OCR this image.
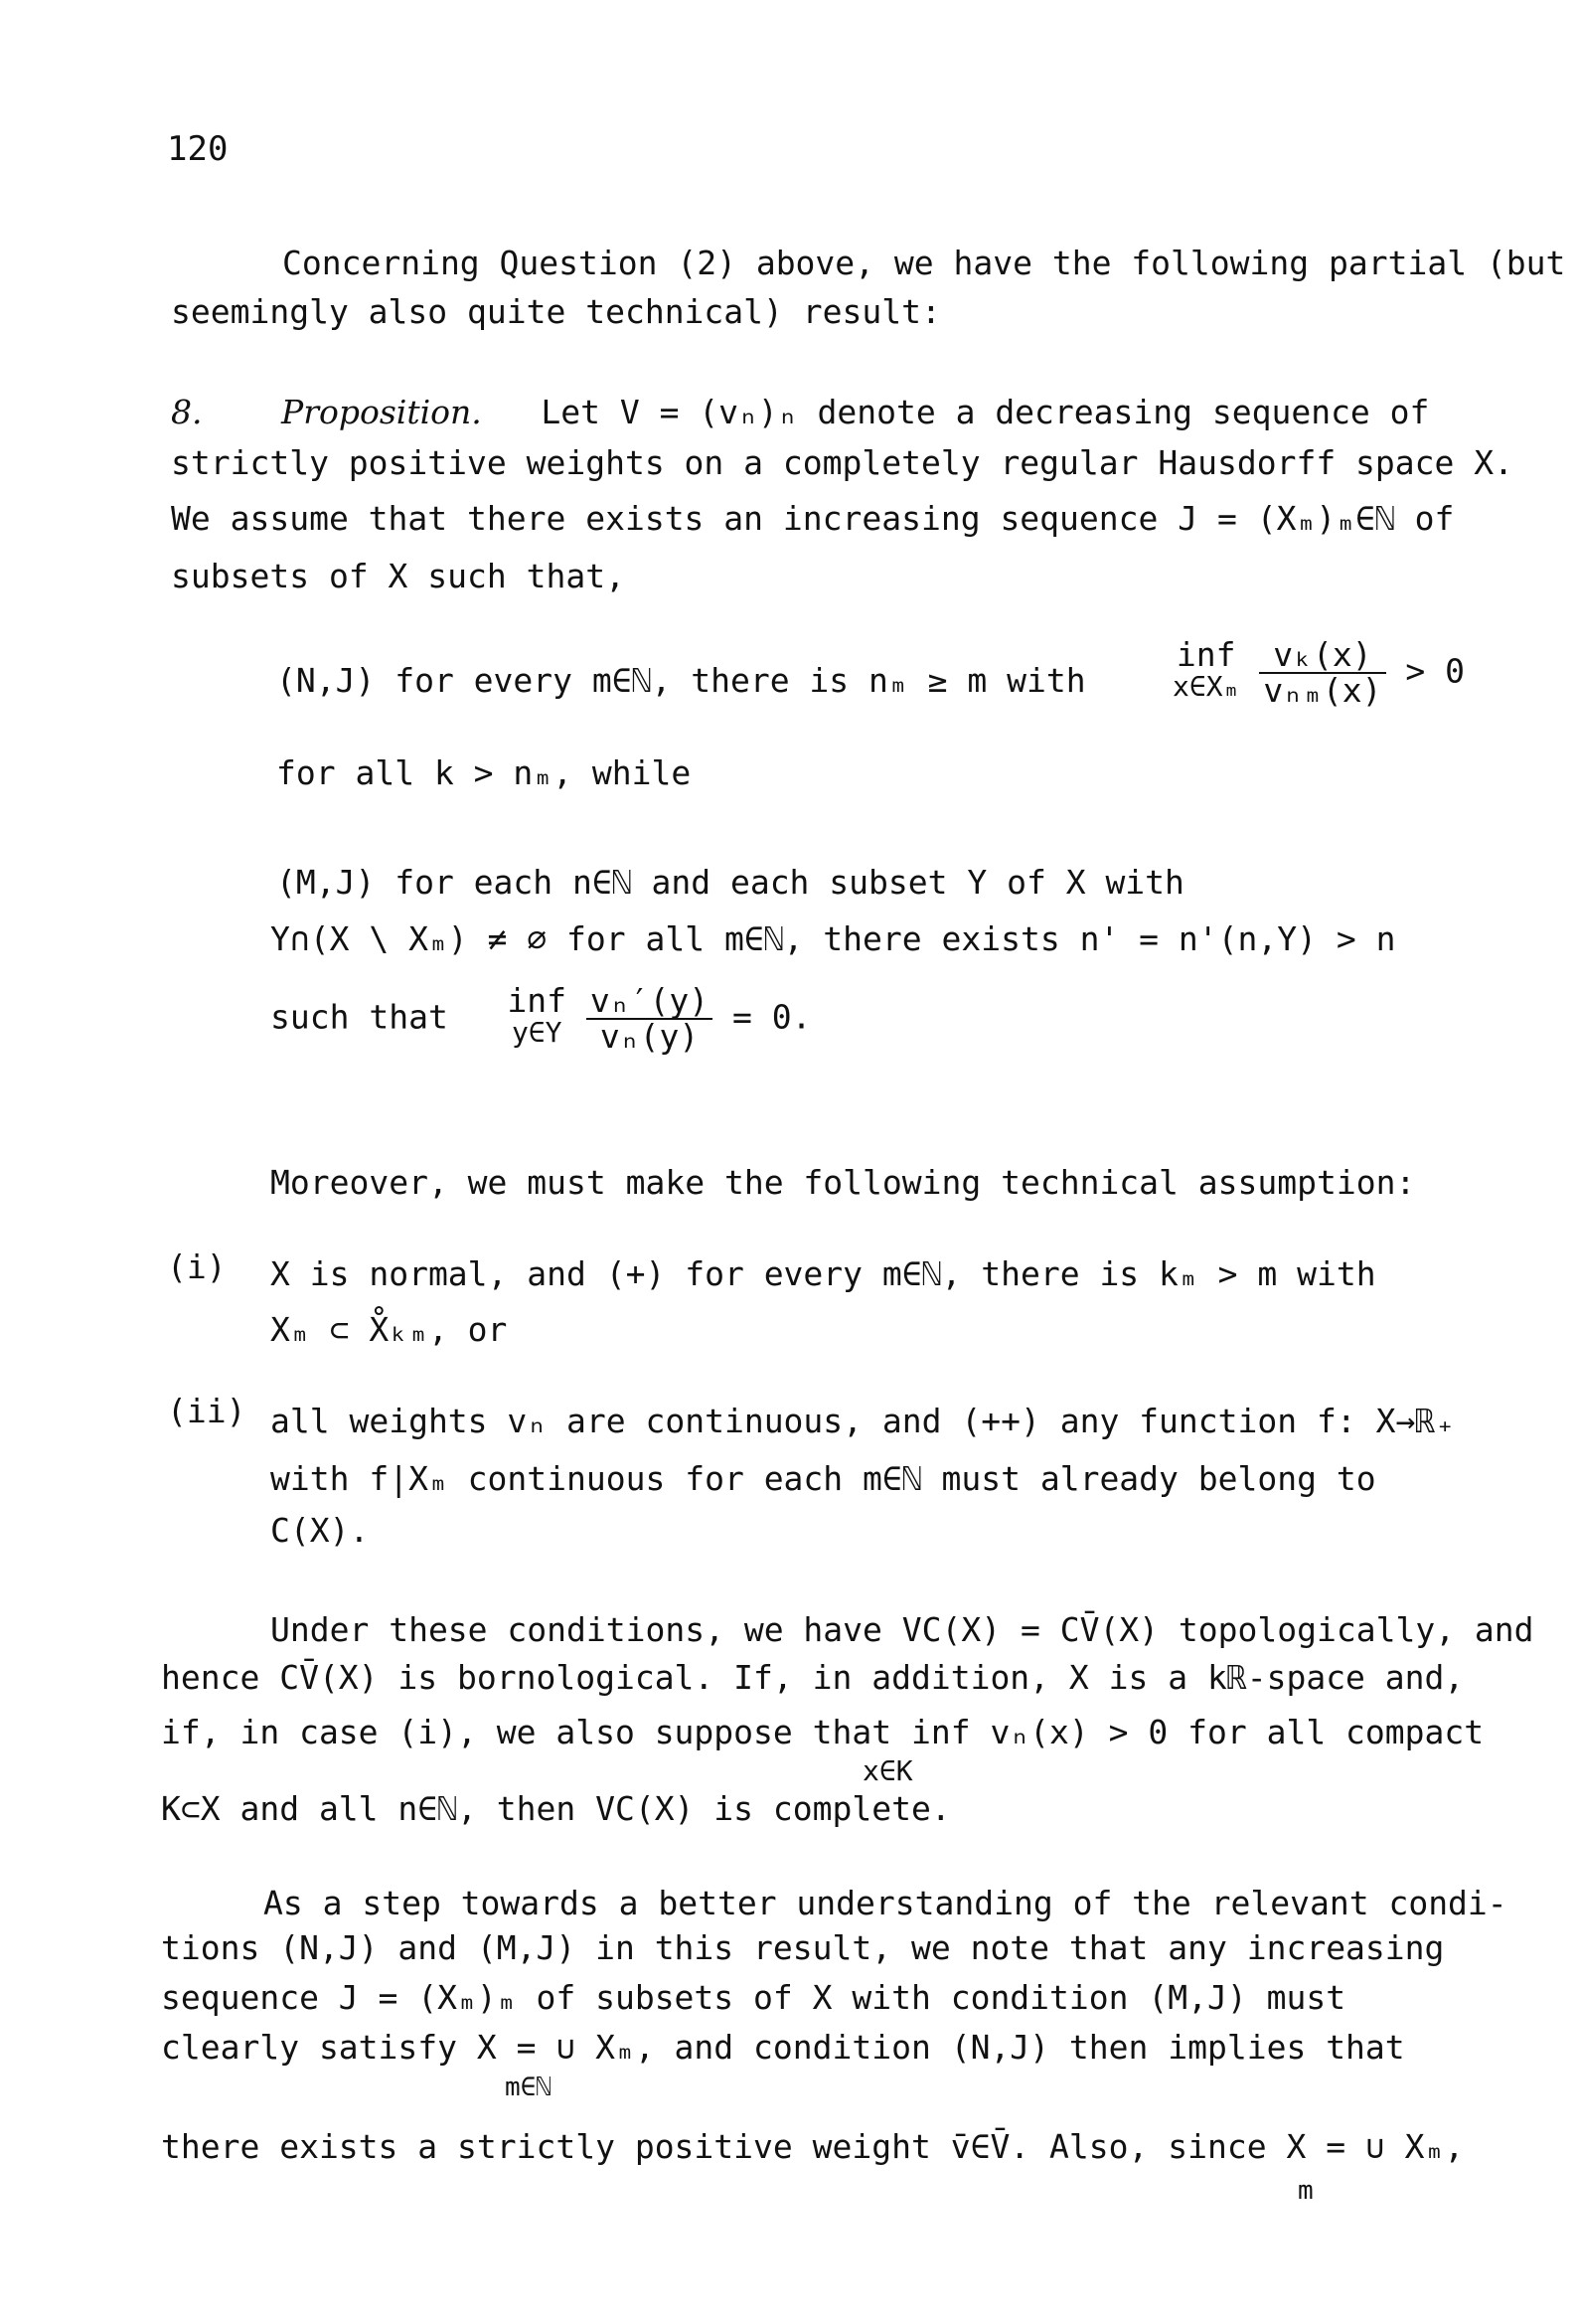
120
Concerning Question (2) above, we have the following partial (but
seemingly also quite technical) result:
8. Proposition. Let V = (vₙ)ₙ denote a decreasing sequence of
strictly positive weights on a completely regular Hausdorff space X.
We assume that there exists an increasing sequence J = (Xₘ)ₘ∈ℕ of
subsets of X such that,
(N,J) for every m∈ℕ, there is nₘ ≥ m with
inf
x∈Xₘ
$\frac{\text{vₖ(x)}}{\text{vₙₘ(x)}} > 0$
for all k > nₘ, while
(M,J) for each n∈ℕ and each subset Y of X with
Y∩(X \ Xₘ) ≠ ∅ for all m∈ℕ, there exists n' = n'(n,Y) > n
such that inf
y∈Y
$\frac{\text{vₙ′(y)}}{\text{vₙ(y)}} = 0$.
Moreover, we must make the following technical assumption:
(i) X is normal, and (+) for every m∈ℕ, there is kₘ > m with
Xₘ ⊂ X̊ₖₘ, or
(ii) all weights vₙ are continuous, and (++) any function f: X→ℝ₊
with f|Xₘ continuous for each m∈ℕ must already belong to
C(X).
Under these conditions, we have VC(X) = CV̄(X) topologically, and
hence CV̄(X) is bornological. If, in addition, X is a kℝ-space and,
if, in case (i), we also suppose that inf vₙ(x) > 0 for all compact
x∈K
K⊂X and all n∈ℕ, then VC(X) is complete.
As a step towards a better understanding of the relevant condi-
tions (N,J) and (M,J) in this result, we note that any increasing
sequence J = (Xₘ)ₘ of subsets of X with condition (M,J) must
clearly satisfy X = ∪ Xₘ, and condition (N,J) then implies that
m∈ℕ
there exists a strictly positive weight v̄∈V̄. Also, since X = ∪ Xₘ,
m
